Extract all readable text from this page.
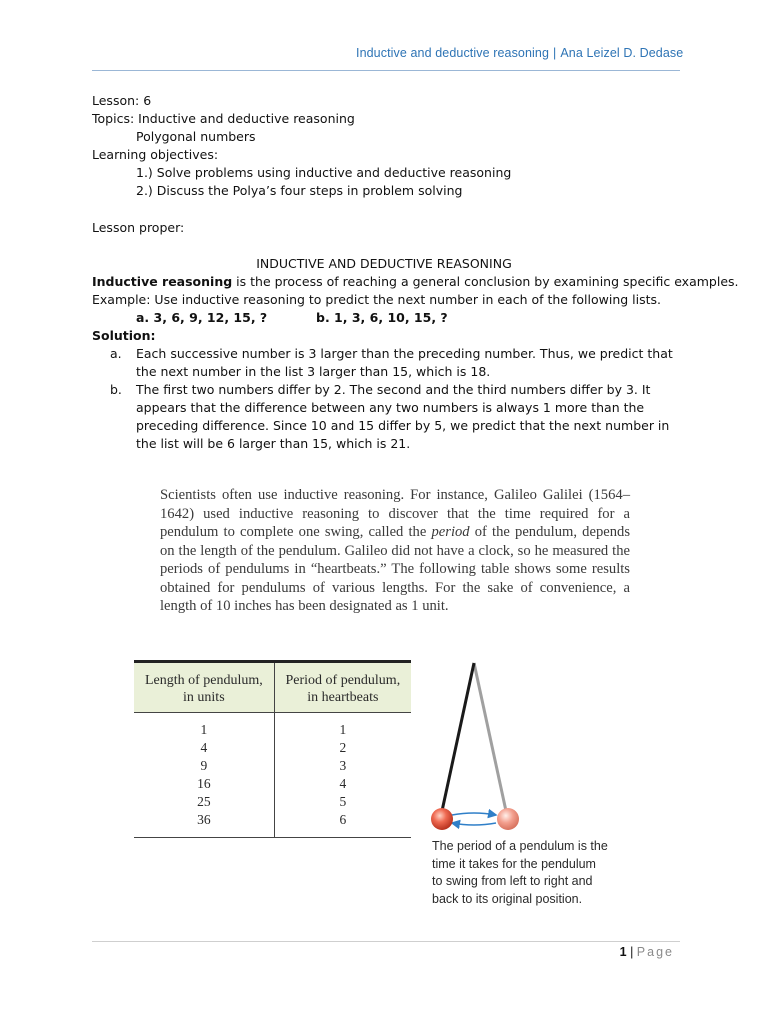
Inductive and deductive reasoning | Ana Leizel D. Dedase
Lesson: 6
Topics: Inductive and deductive reasoning
Polygonal numbers
Learning objectives:
1.) Solve problems using inductive and deductive reasoning
2.) Discuss the Polya’s four steps in problem solving
Lesson proper:
INDUCTIVE AND DEDUCTIVE REASONING
Inductive reasoning is the process of reaching a general conclusion by examining specific examples.
Example: Use inductive reasoning to predict the next number in each of the following lists.
a. 3, 6, 9, 12, 15, ?	b. 1, 3, 6, 10, 15, ?
Solution:
a. Each successive number is 3 larger than the preceding number. Thus, we predict that the next number in the list 3 larger than 15, which is 18.
b. The first two numbers differ by 2. The second and the third numbers differ by 3. It appears that the difference between any two numbers is always 1 more than the preceding difference. Since 10 and 15 differ by 5, we predict that the next number in the list will be 6 larger than 15, which is 21.

Scientists often use inductive reasoning. For instance, Galileo Galilei (1564–1642) used inductive reasoning to discover that the time required for a pendulum to complete one swing, called the period of the pendulum, depends on the length of the pendulum. Galileo did not have a clock, so he measured the periods of pendulums in “heartbeats.” The following table shows some results obtained for pendulums of various lengths. For the sake of convenience, a length of 10 inches has been designated as 1 unit.

Length of pendulum,
in units	Period of pendulum,
in heartbeats
1	1
4	2
9	3
16	4
25	5
36	6
The period of a pendulum is the
time it takes for the pendulum
to swing from left to right and
back to its original position.
1 | Page
